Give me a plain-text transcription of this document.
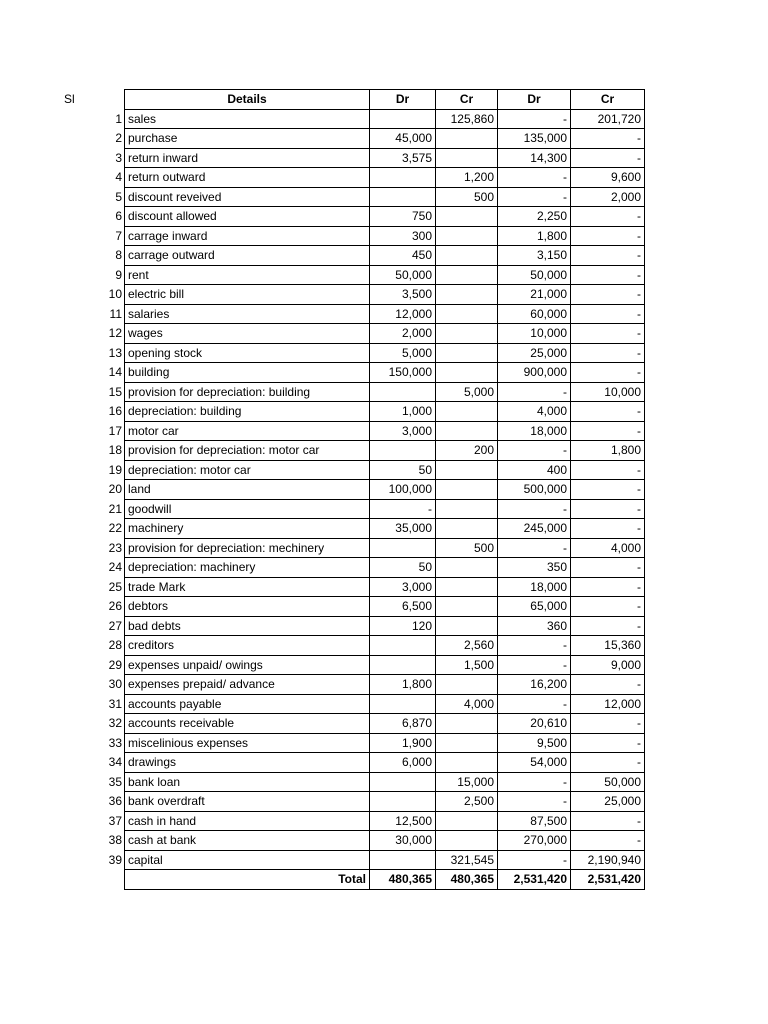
Sl	Details	Dr	Cr	Dr	Cr

1 sales		125,860	-	201,720

2 purchase	45,000		135,000	-

3 return inward	3,575		14,300	-

4 return outward		1,200	-	9,600

5 discount reveived		500	-	2,000

6 discount allowed	750		2,250	-

7 carrage inward	300		1,800	-

8 carrage outward	450		3,150	-

9 rent	50,000		50,000	-

10 electric bill	3,500		21,000	-

11 salaries	12,000		60,000	-

12 wages	2,000		10,000	-

13 opening stock	5,000		25,000	-

14 building	150,000		900,000	-

15 provision for depreciation: building		5,000	-	10,000

16 depreciation: building	1,000		4,000	-

17 motor car	3,000		18,000	-

18 provision for depreciation: motor car		200	-	1,800

19 depreciation: motor car	50		400	-

20 land	100,000		500,000	-

21 goodwill	-		-	-

22 machinery	35,000		245,000	-

23 provision for depreciation: mechinery		500	-	4,000

24 depreciation: machinery	50		350	-

25 trade Mark	3,000		18,000	-

26 debtors	6,500		65,000	-

27 bad debts	120		360	-

28 creditors		2,560	-	15,360

29 expenses unpaid/ owings		1,500	-	9,000

30 expenses prepaid/ advance	1,800		16,200	-

31 accounts payable		4,000	-	12,000

32 accounts receivable	6,870		20,610	-

33 miscelinious expenses	1,900		9,500	-

34 drawings	6,000		54,000	-

35 bank loan		15,000	-	50,000

36 bank overdraft		2,500	-	25,000

37 cash in hand	12,500		87,500	-

38 cash at bank	30,000		270,000	-

39 capital		321,545	-	2,190,940
Total	480,365	480,365	2,531,420	2,531,420
